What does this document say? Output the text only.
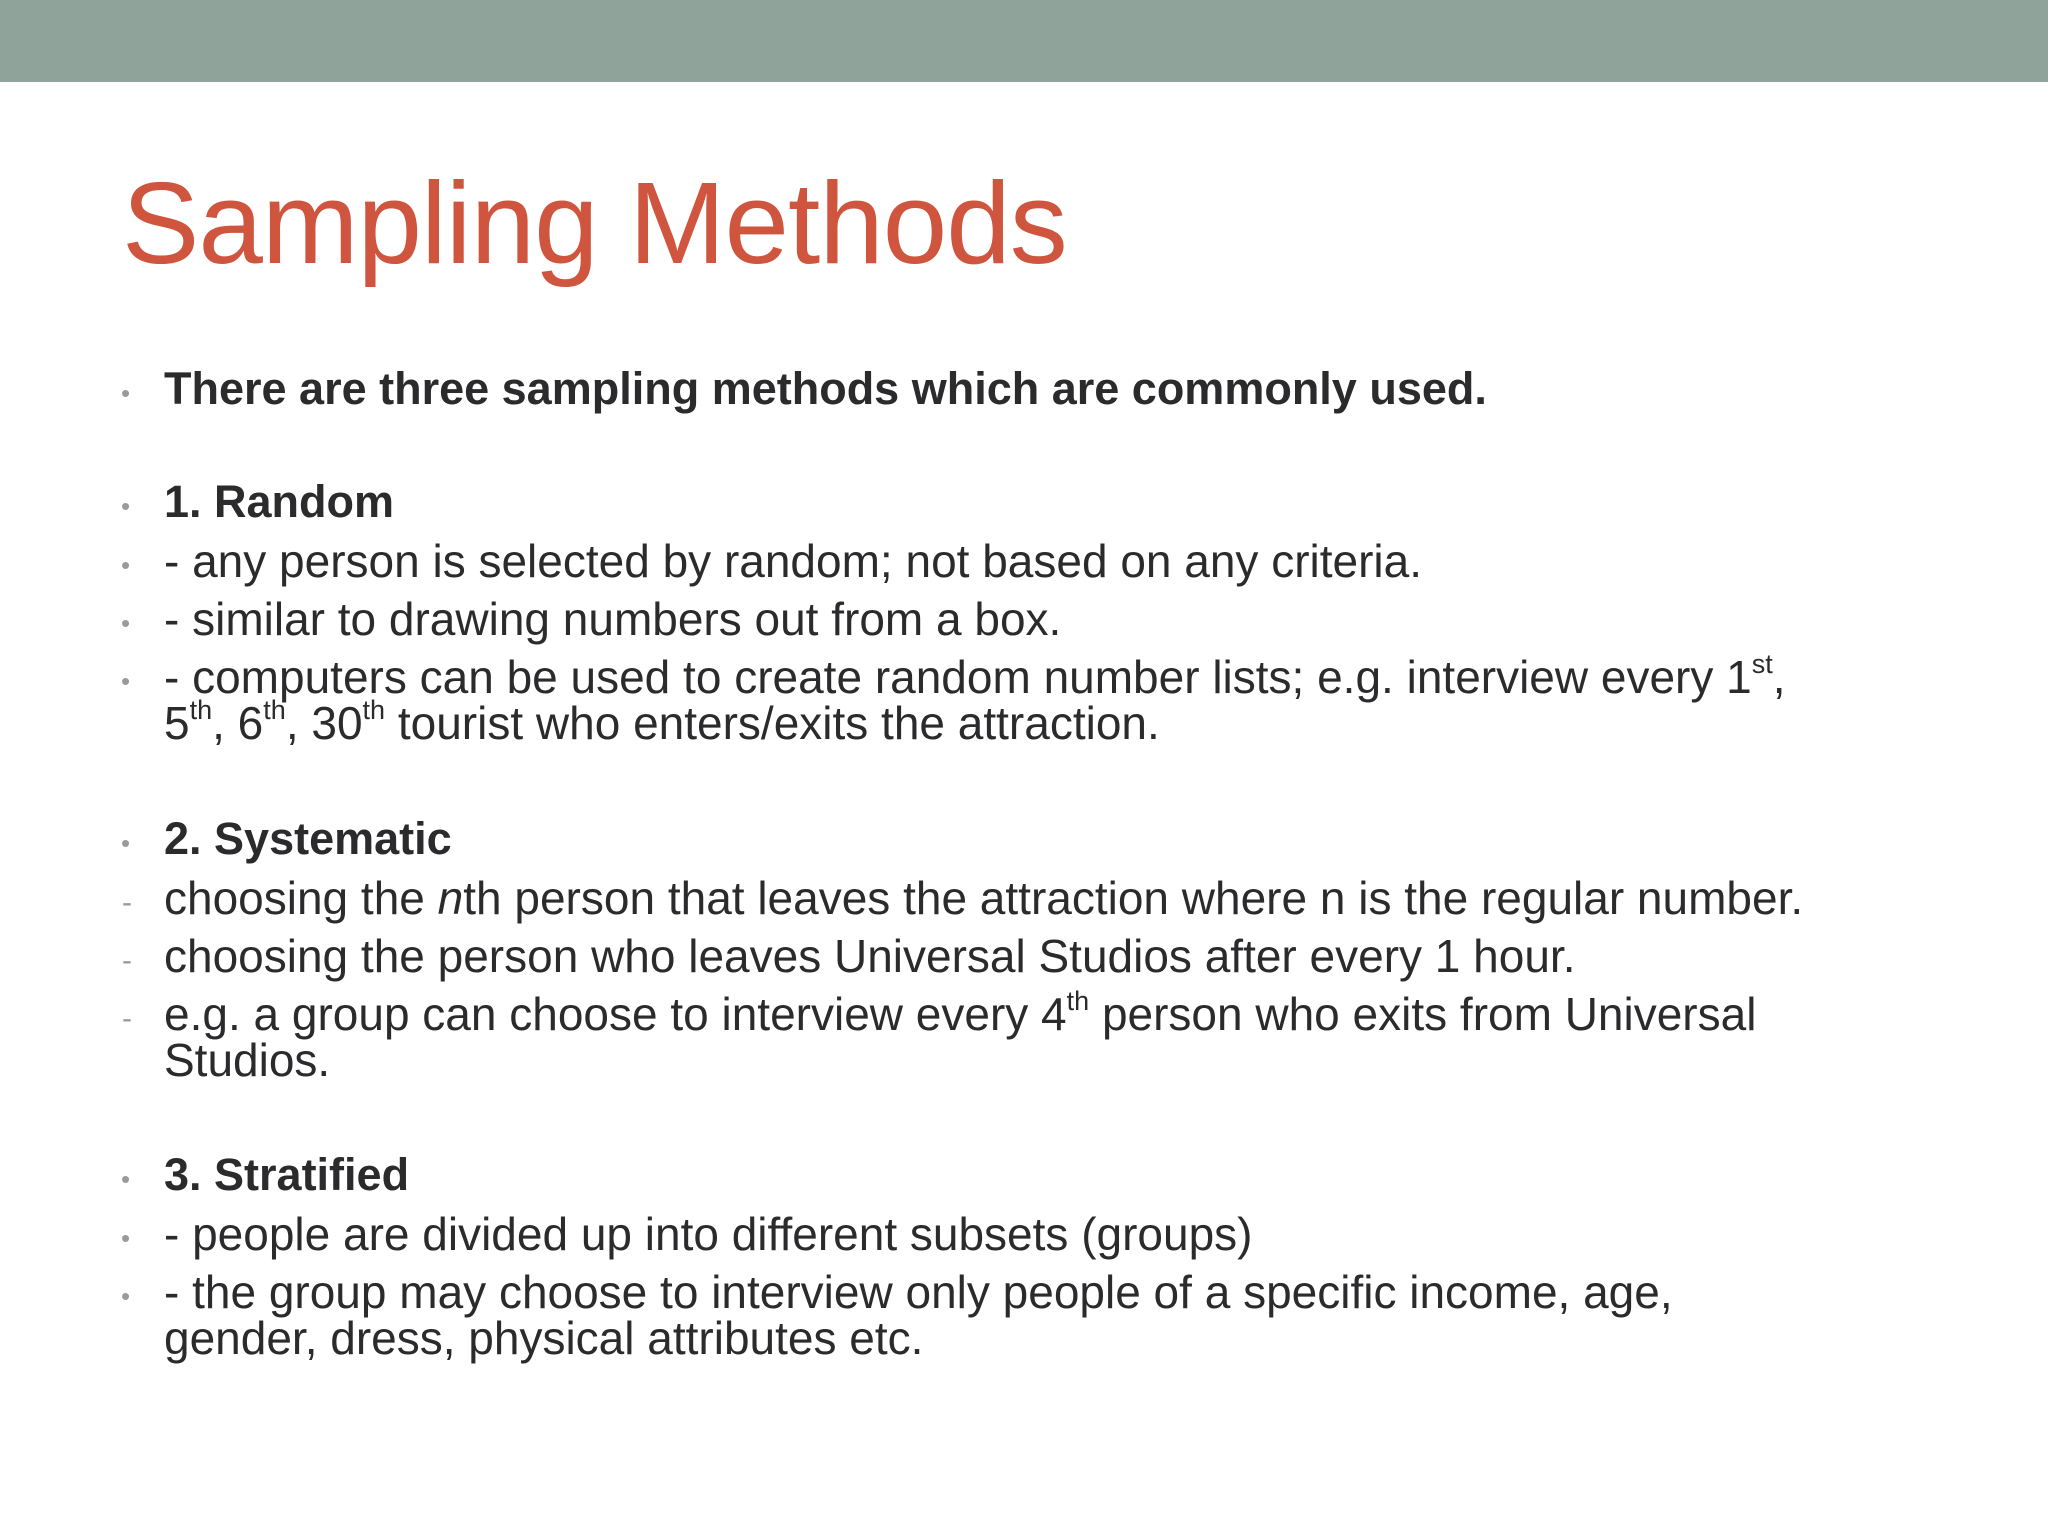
Sampling Methods
• There are three sampling methods which are commonly used.
• 1. Random
• - any person is selected by random; not based on any criteria.
• - similar to drawing numbers out from a box.
• - computers can be used to create random number lists; e.g. interview every 1st,
5th, 6th, 30th tourist who enters/exits the attraction.
• 2. Systematic
- choosing the nth person that leaves the attraction where n is the regular number.
- choosing the person who leaves Universal Studios after every 1 hour.
- e.g. a group can choose to interview every 4th person who exits from Universal
Studios.
• 3. Stratified
• - people are divided up into different subsets (groups)
• - the group may choose to interview only people of a specific income, age,
gender, dress, physical attributes etc.
